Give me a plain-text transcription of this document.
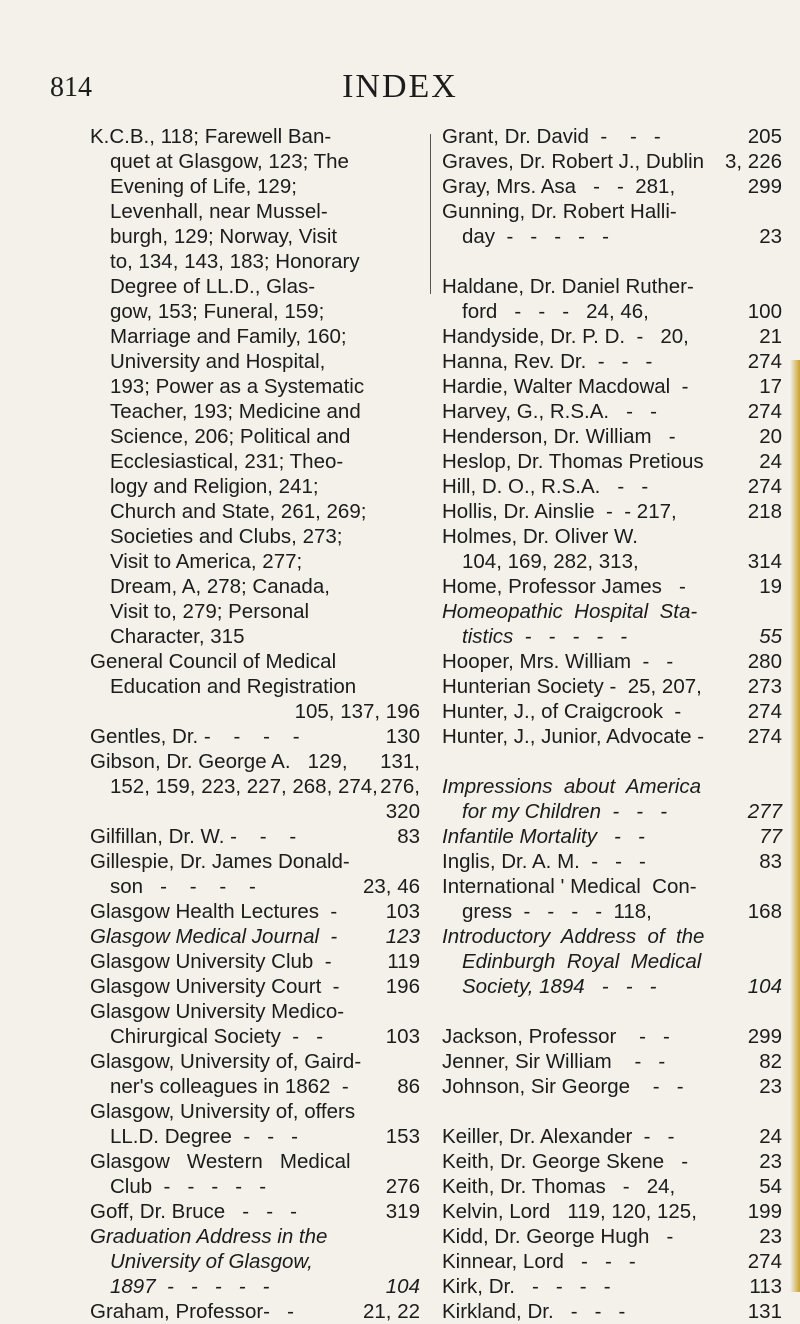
814	INDEX
K.C.B., 118; Farewell Ban-
quet at Glasgow, 123; The
Evening of Life, 129;
Levenhall, near Mussel-
burgh, 129; Norway, Visit
to, 134, 143, 183; Honorary
Degree of LL.D., Glas-
gow, 153; Funeral, 159;
Marriage and Family, 160;
University and Hospital,
193; Power as a Systematic
Teacher, 193; Medicine and
Science, 206; Political and
Ecclesiastical, 231; Theo-
logy and Religion, 241;
Church and State, 261, 269;
Societies and Clubs, 273;
Visit to America, 277;
Dream, A, 278; Canada,
Visit to, 279; Personal
Character, 315
General Council of Medical
Education and Registration
105, 137, 196
Gentles, Dr. -    -    -    -	130
Gibson, Dr. George A.   129, 131,
152, 159, 223, 227, 268, 274, 276,
320
Gilfillan, Dr. W. -    -    -	83
Gillespie, Dr. James Donald-
son   -    -    -    -	23, 46
Glasgow Health Lectures  - 103
Glasgow Medical Journal  - 123
Glasgow University Club  -	119
Glasgow University Court  - 196
Glasgow University Medico-
Chirurgical Society  -   -	103
Glasgow, University of, Gaird-
ner's colleagues in 1862  - 86
Glasgow, University of, offers
LL.D. Degree  -   -   -	153
Glasgow   Western   Medical
Club  -   -   -   -   -	276
Goff, Dr. Bruce   -   -   -	319
Graduation Address in the
University of Glasgow,
1897  -   -   -   -   -	104
Graham, Professor-   -	21, 22
Grant, Dr. David  -    -   -	205
Graves, Dr. Robert J., Dublin 3, 226
Gray, Mrs. Asa   -   -  281,	299
Gunning, Dr. Robert Halli-
day  -   -   -   -   -	23
Haldane, Dr. Daniel Ruther-
ford   -   -   -   24, 46,	100
Handyside, Dr. P. D.  -   20,	21
Hanna, Rev. Dr.  -   -   -	274
Hardie, Walter Macdowal  -	17
Harvey, G., R.S.A.   -   -	274
Henderson, Dr. William   -	20
Heslop, Dr. Thomas Pretious	24
Hill, D. O., R.S.A.   -   -	274
Hollis, Dr. Ainslie  -  - 217,	218
Holmes, Dr. Oliver W.
104, 169, 282, 313,	314
Home, Professor James   -	19
Homeopathic  Hospital  Sta-
tistics  -   -   -   -   -	55
Hooper, Mrs. William  -   -	280
Hunterian Society -  25, 207, 273
Hunter, J., of Craigcrook  -	274
Hunter, J., Junior, Advocate - 274
Impressions  about  America
for my Children  -   -   -	277
Infantile Mortality   -   -	77
Inglis, Dr. A. M.  -   -   -	83
International ' Medical  Con-
gress  -   -   -   -  118,	168
Introductory  Address  of  the
Edinburgh  Royal  Medical
Society, 1894   -   -   -	104
Jackson, Professor    -   -	299
Jenner, Sir William    -   -	82
Johnson, Sir George    -   -	23
Keiller, Dr. Alexander  -   -	24
Keith, Dr. George Skene   -	23
Keith, Dr. Thomas   -   24,	54
Kelvin, Lord   119, 120, 125, 199
Kidd, Dr. George Hugh   -	23
Kinnear, Lord   -   -   -	274
Kirk, Dr.   -   -   -   -	113
Kirkland, Dr.   -   -   -	131
